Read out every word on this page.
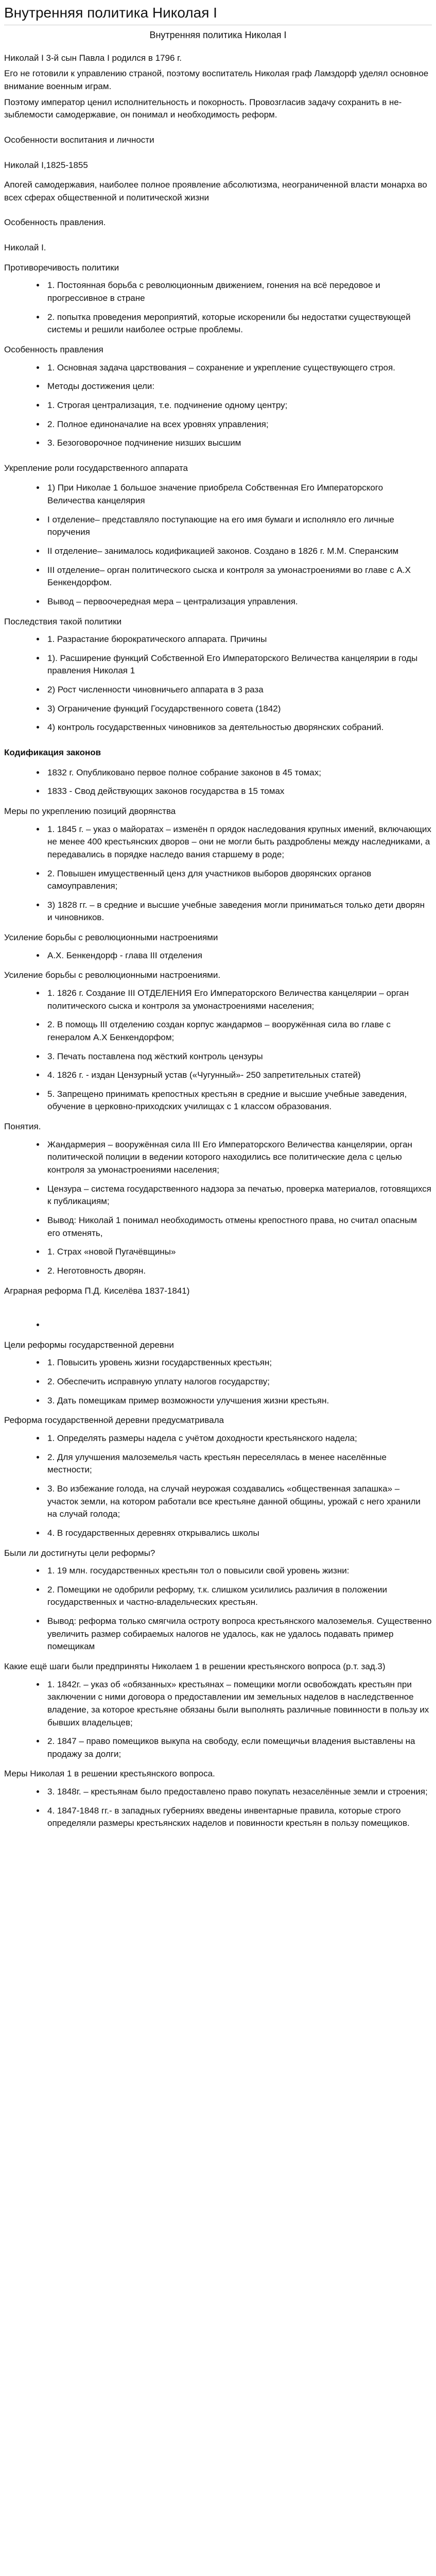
Внутренняя политика Николая I
Внутренняя политика Николая I

Николай I 3-й сын Павла I родился в 1796 г.

Его не готовили к управлению страной, поэтому воспитатель Николая граф Ламздорф уделял основное внимание военным играм.

Поэтому император ценил исполнительность и покорность. Провозгласив задачу сохранить в не-зыблемости самодержавие, он понимал и необходимость реформ.

Особенности воспитания и личности

Николай I,1825-1855

Апогей самодержавия, наиболее полное проявление абсолютизма, неограниченной власти монарха во всех сферах общественной и политической жизни

Особенность правления.

Николай I.

Противоречивость политики

• 1. Постоянная борьба с революционным движением, гонения на всё передовое и прогрессивное в стране
• 2. попытка проведения мероприятий, которые искоренили бы недостатки существующей системы и решили наиболее острые проблемы.

Особенность правления

• 1. Основная задача царствования – сохранение и укрепление существующего строя.
• Методы достижения цели:
• 1. Строгая централизация, т.е. подчинение одному центру;
• 2. Полное единоначалие на всех уровнях управления;
• 3. Безоговорочное подчинение низших высшим

Укрепление роли государственного аппарата

• 1) При Николае 1 большое значение приобрела Собственная Его Императорского Величества канцелярия
• I отделение– представляло поступающие на его имя бумаги и исполняло его личные поручения
• II отделение– занималось кодификацией законов. Создано в 1826 г. М.М. Сперанским
• III отделение– орган политического сыска и контроля за умонастроениями во главе с А.Х Бенкендорфом.
• Вывод – первоочередная мера – централизация управления.

Последствия такой политики

• 1. Разрастание бюрократического аппарата. Причины
• 1). Расширение функций Собственной Его Императорского Величества канцелярии в годы правления Николая 1
• 2) Рост численности чиновничьего аппарата в 3 раза
• 3) Ограничение функций Государственного совета (1842)
• 4) контроль государственных чиновников за деятельностью дворянских собраний.

Кодификация законов

• 1832 г. Опубликовано первое полное собрание законов в 45 томах;
• 1833 - Свод действующих законов государства в 15 томах

Меры по укреплению позиций дворянства

• 1. 1845 г. – указ о майоратах – изменён п орядок наследования крупных имений, включающих не менее 400 крестьянских дворов – они не могли быть раздроблены между наследниками, а передавались в порядке наследо вания старшему в роде;
• 2. Повышен имущественный ценз для участников выборов дворянских органов самоуправления;
• 3) 1828 гг. – в средние и высшие учебные заведения могли приниматься только дети дворян и чиновников.

Усиление борьбы с революционными настроениями

• А.Х. Бенкендорф - глава III отделения

Усиление борьбы с революционными настроениями.

• 1. 1826 г. Создание III ОТДЕЛЕНИЯ Его Императорского Величества канцелярии – орган политического сыска и контроля за умонастроениями населения;
• 2. В помощь III отделению создан корпус жандармов – вооружённая сила во главе с генералом А.Х Бенкендорфом;
• 3. Печать поставлена под жёсткий контроль цензуры
• 4. 1826 г. - издан Цензурный устав («Чугунный»- 250 запретительных статей)
• 5. Запрещено принимать крепостных крестьян в средние и высшие учебные заведения, обучение в церковно-приходских училищах с 1 классом образования.

Понятия.

• Жандармерия – вооружённая сила III Его Императорского Величества канцелярии, орган политической полиции в ведении которого находились все политические дела с целью контроля за умонастроениями населения;
• Цензура – система государственного надзора за печатью, проверка материалов, готовящихся к публикациям;
• Вывод: Николай 1 понимал необходимость отмены крепостного права, но считал опасным его отменять,
• 1. Страх «новой Пугачёвщины»
• 2. Неготовность дворян.

Аграрная реформа П.Д. Киселёва 1837-1841)

•

Цели реформы государственной деревни

• 1. Повысить уровень жизни государственных крестьян;
• 2. Обеспечить исправную уплату налогов государству;
• 3. Дать помещикам пример возможности улучшения жизни крестьян.

Реформа государственной деревни предусматривала

• 1. Определять размеры надела с учётом доходности крестьянского надела;
• 2. Для улучшения малоземелья часть крестьян переселялась в менее населённые местности;
• 3. Во избежание голода, на случай неурожая создавались «общественная запашка» – участок земли, на котором работали все крестьяне данной общины, урожай с него хранили на случай голода;
• 4. В государственных деревнях открывались школы

Были ли достигнуты цели реформы?

• 1. 19 млн. государственных крестьян тол о повысили свой уровень жизни:
• 2. Помещики не одобрили реформу, т.к. слишком усилились различия в положении государственных и частно-владельческих крестьян.
• Вывод: реформа только смягчила остроту вопроса крестьянского малоземелья. Существенно увеличить размер собираемых налогов не удалось, как не удалось подавать пример помещикам

Какие ещё шаги были предприняты Николаем 1 в решении крестьянского вопроса (р.т. зад.3)

• 1. 1842г. – указ об «обязанных» крестьянах – помещики могли освобождать крестьян при заключении с ними договора о предоставлении им земельных наделов в наследственное владение, за которое крестьяне обязаны были выполнять различные повинности в пользу их бывших владельцев;
• 2. 1847 – право помещиков выкупа на свободу, если помещичьи владения выставлены на продажу за долги;

Меры Николая 1 в решении крестьянского вопроса.

• 3. 1848г. – крестьянам было предоставлено право покупать незаселённые земли и строения;
• 4. 1847-1848 гг.- в западных губерниях введены инвентарные правила, которые строго определяли размеры крестьянских наделов и повинности крестьян в пользу помещиков.
